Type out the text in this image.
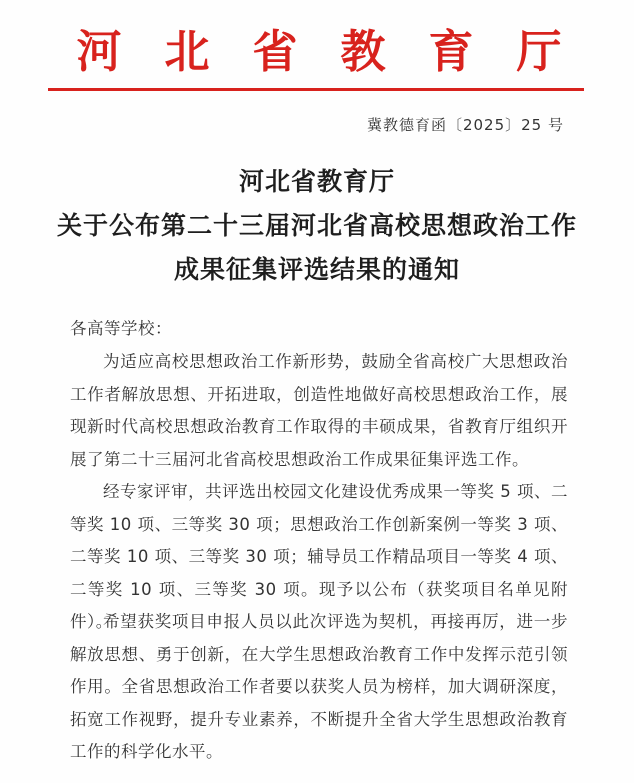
河 北 省 教 育 厅
冀教德育函〔2025〕25 号
河北省教育厅
关于公布第二十三届河北省高校思想政治工作
成果征集评选结果的通知
各高等学校：
为适应高校思想政治工作新形势，鼓励全省高校广大思想政治工作者解放思想、开拓进取，创造性地做好高校思想政治工作，展现新时代高校思想政治教育工作取得的丰硕成果，省教育厅组织开展了第二十三届河北省高校思想政治工作成果征集评选工作。
经专家评审，共评选出校园文化建设优秀成果一等奖 5 项、二等奖 10 项、三等奖 30 项；思想政治工作创新案例一等奖 3 项、二等奖 10 项、三等奖 30 项；辅导员工作精品项目一等奖 4 项、二等奖 10 项、三等奖 30 项。现予以公布（获奖项目名单见附件）。
希望获奖项目申报人员以此次评选为契机，再接再厉，进一步解放思想、勇于创新，在大学生思想政治教育工作中发挥示范引领作用。全省思想政治工作者要以获奖人员为榜样，加大调研深度，拓宽工作视野，提升专业素养，不断提升全省大学生思想政治教育工作的科学化水平。
